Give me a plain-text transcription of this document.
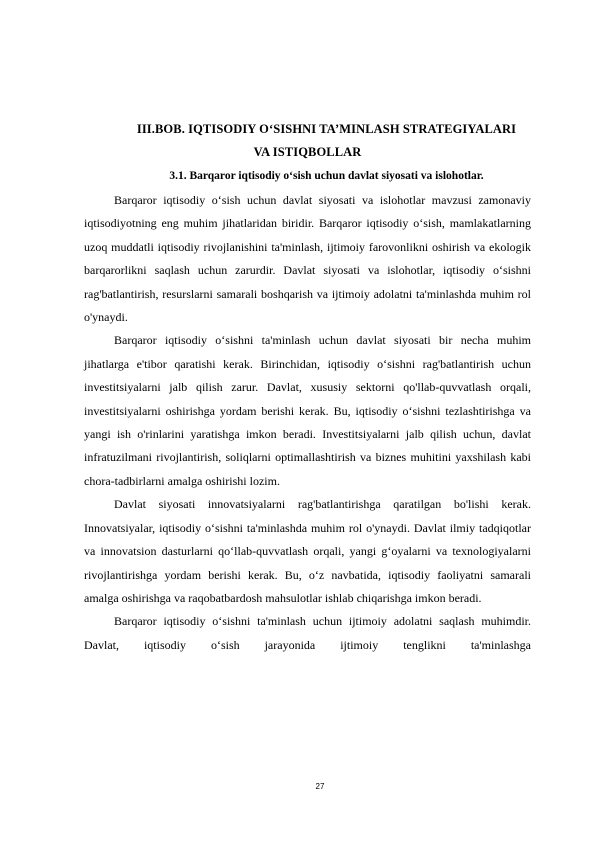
III.BOB. IQTISODIY O‘SISHNI TA’MINLASH STRATEGIYALARI
VA ISTIQBOLLAR
3.1. Barqaror iqtisodiy o‘sish uchun davlat siyosati va islohotlar.

Barqaror iqtisodiy o‘sish uchun davlat siyosati va islohotlar mavzusi zamonaviy iqtisodiyotning eng muhim jihatlaridan biridir. Barqaror iqtisodiy o‘sish, mamlakatlarning uzoq muddatli iqtisodiy rivojlanishini ta'minlash, ijtimoiy farovonlikni oshirish va ekologik barqarorlikni saqlash uchun zarurdir. Davlat siyosati va islohotlar, iqtisodiy o‘sishni rag'batlantirish, resurslarni samarali boshqarish va ijtimoiy adolatni ta'minlashda muhim rol o'ynaydi.

Barqaror iqtisodiy o‘sishni ta'minlash uchun davlat siyosati bir necha muhim jihatlarga e'tibor qaratishi kerak. Birinchidan, iqtisodiy o‘sishni rag'batlantirish uchun investitsiyalarni jalb qilish zarur. Davlat, xususiy sektorni qo'llab-quvvatlash orqali, investitsiyalarni oshirishga yordam berishi kerak. Bu, iqtisodiy o‘sishni tezlashtirishga va yangi ish o'rinlarini yaratishga imkon beradi. Investitsiyalarni jalb qilish uchun, davlat infratuzilmani rivojlantirish, soliqlarni optimallashtirish va biznes muhitini yaxshilash kabi chora-tadbirlarni amalga oshirishi lozim.

Davlat siyosati innovatsiyalarni rag'batlantirishga qaratilgan bo'lishi kerak. Innovatsiyalar, iqtisodiy o‘sishni ta'minlashda muhim rol o'ynaydi. Davlat ilmiy tadqiqotlar va innovatsion dasturlarni qo‘llab-quvvatlash orqali, yangi g‘oyalarni va texnologiyalarni rivojlantirishga yordam berishi kerak. Bu, o‘z navbatida, iqtisodiy faoliyatni samarali amalga oshirishga va raqobatbardosh mahsulotlar ishlab chiqarishga imkon beradi.

Barqaror iqtisodiy o‘sishni ta'minlash uchun ijtimoiy adolatni saqlash muhimdir. Davlat, iqtisodiy o‘sish jarayonida ijtimoiy tenglikni ta'minlashga

27
